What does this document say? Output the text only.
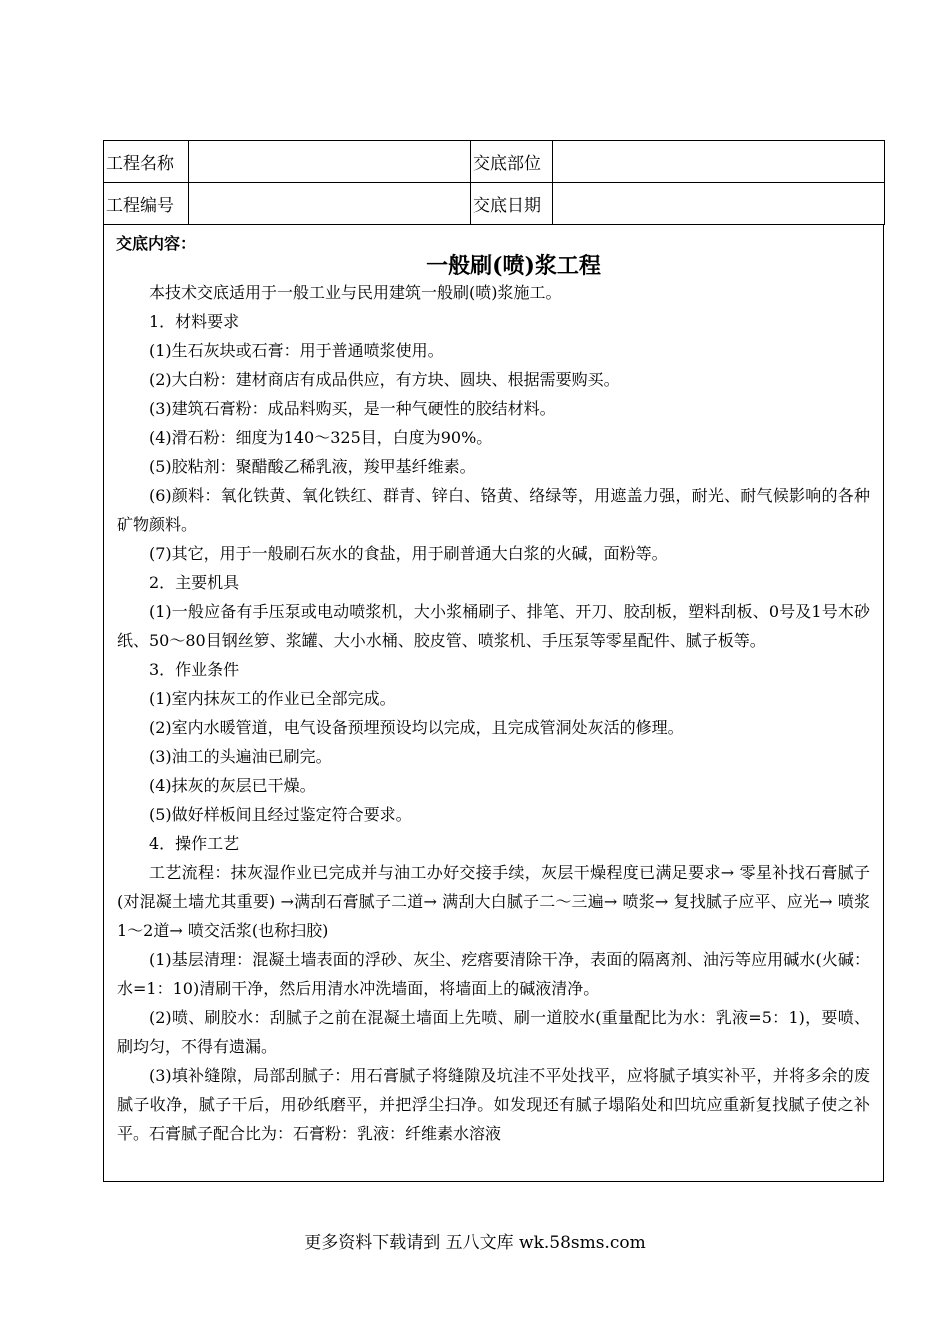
工程名称		交底部位	
工程编号		交底日期	
交底内容：
一般刷(喷)浆工程

本技术交底适用于一般工业与民用建筑一般刷(喷)浆施工。

1．材料要求

(1)生石灰块或石膏：用于普通喷浆使用。

(2)大白粉：建材商店有成品供应，有方块、圆块、根据需要购买。

(3)建筑石膏粉：成品料购买，是一种气硬性的胶结材料。

(4)滑石粉：细度为140～325目，白度为90%。

(5)胶粘剂：聚醋酸乙稀乳液，羧甲基纤维素。

(6)颜料：氧化铁黄、氧化铁红、群青、锌白、铬黄、络绿等，用遮盖力强，耐光、耐气候影响的各种矿物颜料。

(7)其它，用于一般刷石灰水的食盐，用于刷普通大白浆的火碱，面粉等。

2．主要机具

(1)一般应备有手压泵或电动喷浆机，大小浆桶刷子、排笔、开刀、胶刮板，塑料刮板、0号及1号木砂纸、50～80目钢丝箩、浆罐、大小水桶、胶皮管、喷浆机、手压泵等零星配件、腻子板等。

3．作业条件

(1)室内抹灰工的作业已全部完成。

(2)室内水暖管道，电气设备预埋预设均以完成，且完成管洞处灰活的修理。

(3)油工的头遍油已刷完。

(4)抹灰的灰层已干燥。

(5)做好样板间且经过鉴定符合要求。

4．操作工艺

工艺流程：抹灰湿作业已完成并与油工办好交接手续，灰层干燥程度已满足要求→ 零星补找石膏腻子(对混凝土墙尤其重要) →满刮石膏腻子二道→ 满刮大白腻子二～三遍→ 喷浆→ 复找腻子应平、应光→ 喷浆1～2道→ 喷交活浆(也称扫胶)

(1)基层清理：混凝土墙表面的浮砂、灰尘、疙瘩要清除干净，表面的隔离剂、油污等应用碱水(火碱：水=1：10)清刷干净，然后用清水冲洗墙面，将墙面上的碱液清净。

(2)喷、刷胶水：刮腻子之前在混凝土墙面上先喷、刷一道胶水(重量配比为水：乳液=5：1)，要喷、刷均匀，不得有遗漏。

(3)填补缝隙，局部刮腻子：用石膏腻子将缝隙及坑洼不平处找平，应将腻子填实补平，并将多余的废腻子收净，腻子干后，用砂纸磨平，并把浮尘扫净。如发现还有腻子塌陷处和凹坑应重新复找腻子使之补平。石膏腻子配合比为：石膏粉：乳液：纤维素水溶液

更多资料下载请到 五八文库 wk.58sms.com
